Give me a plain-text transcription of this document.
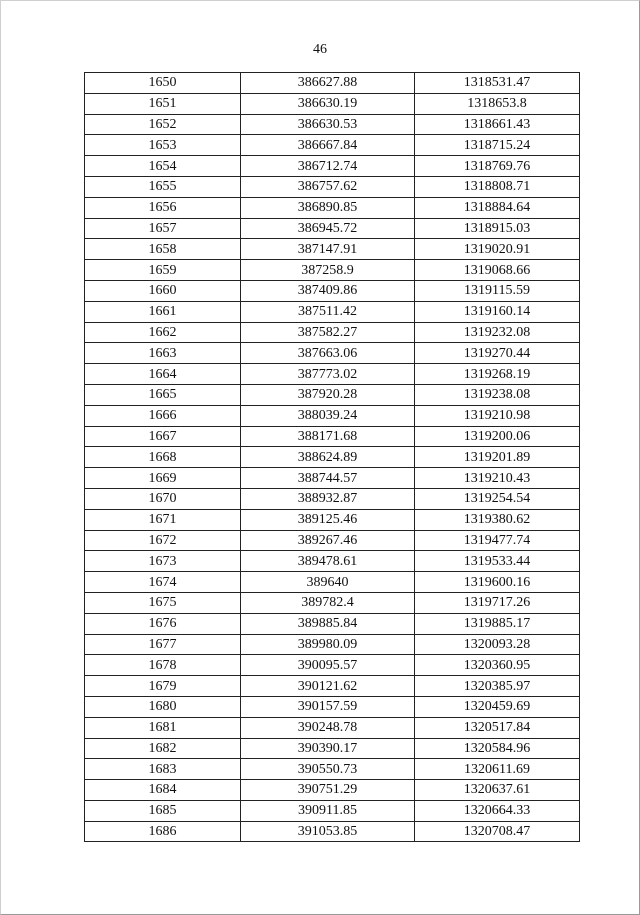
46
1650	386627.88	1318531.47
1651	386630.19	1318653.8
1652	386630.53	1318661.43
1653	386667.84	1318715.24
1654	386712.74	1318769.76
1655	386757.62	1318808.71
1656	386890.85	1318884.64
1657	386945.72	1318915.03
1658	387147.91	1319020.91
1659	387258.9	1319068.66
1660	387409.86	1319115.59
1661	387511.42	1319160.14
1662	387582.27	1319232.08
1663	387663.06	1319270.44
1664	387773.02	1319268.19
1665	387920.28	1319238.08
1666	388039.24	1319210.98
1667	388171.68	1319200.06
1668	388624.89	1319201.89
1669	388744.57	1319210.43
1670	388932.87	1319254.54
1671	389125.46	1319380.62
1672	389267.46	1319477.74
1673	389478.61	1319533.44
1674	389640	1319600.16
1675	389782.4	1319717.26
1676	389885.84	1319885.17
1677	389980.09	1320093.28
1678	390095.57	1320360.95
1679	390121.62	1320385.97
1680	390157.59	1320459.69
1681	390248.78	1320517.84
1682	390390.17	1320584.96
1683	390550.73	1320611.69
1684	390751.29	1320637.61
1685	390911.85	1320664.33
1686	391053.85	1320708.47
